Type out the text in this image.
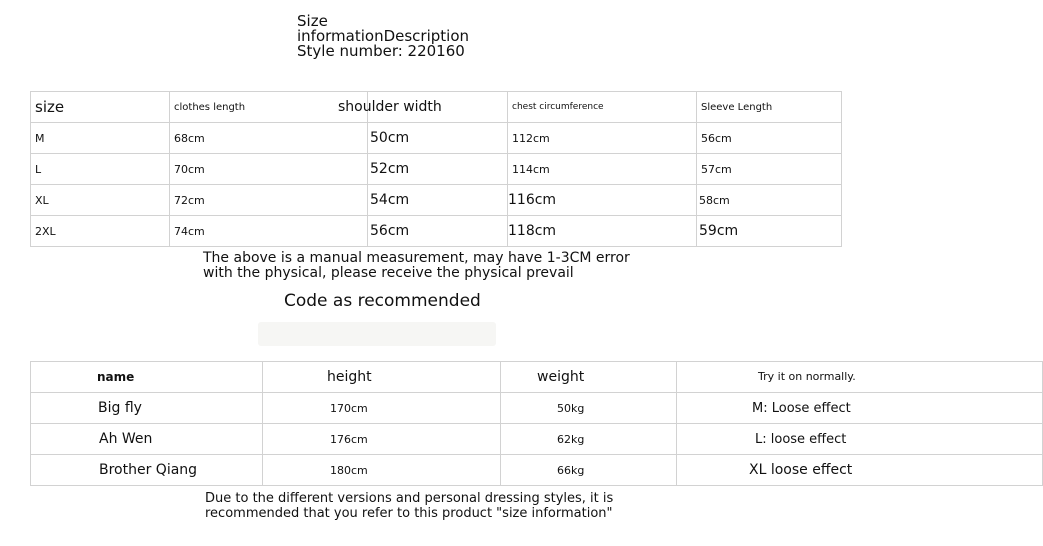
Size
informationDescription
Style number: 220160
size	clothes length	shoulder width	chest circumference	Sleeve Length
M	68cm	50cm	112cm	56cm
L	70cm	52cm	114cm	57cm
XL	72cm	54cm	116cm	58cm
2XL	74cm	56cm	118cm	59cm
The above is a manual measurement, may have 1-3CM error
with the physical, please receive the physical prevail
Code as recommended
name	height	weight	Try it on normally.
Big fly	170cm	50kg	M: Loose effect
Ah Wen	176cm	62kg	L: loose effect
Brother Qiang	180cm	66kg	XL loose effect
Due to the different versions and personal dressing styles, it is
recommended that you refer to this product "size information"
